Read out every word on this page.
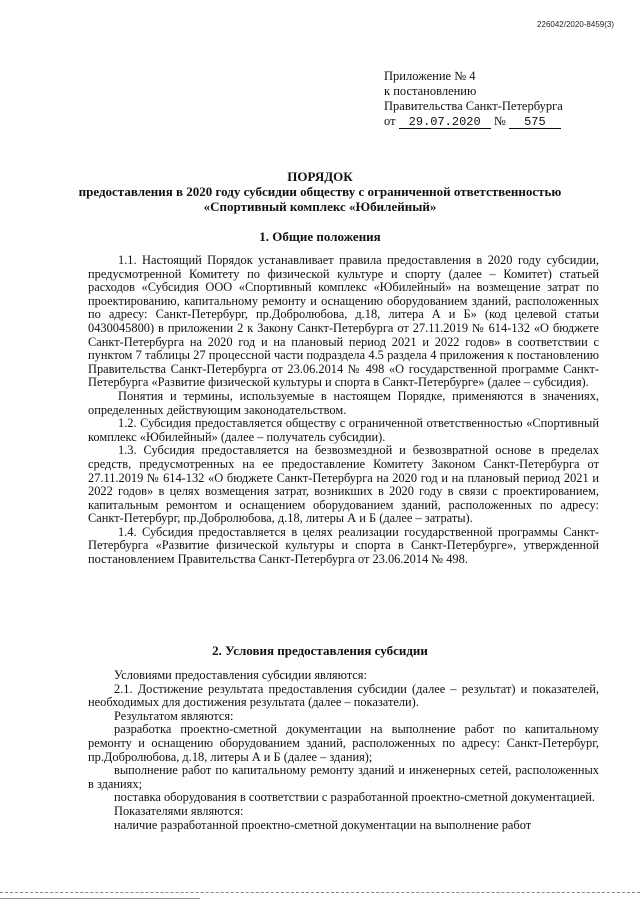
226042/2020-8459(3)
Приложение № 4
к постановлению
Правительства Санкт-Петербурга
от 29.07.2020 № 575
ПОРЯДОК
предоставления в 2020 году субсидии обществу с ограниченной ответственностью
«Спортивный комплекс «Юбилейный»
1. Общие положения

1.1. Настоящий Порядок устанавливает правила предоставления в 2020 году субсидии, предусмотренной Комитету по физической культуре и спорту (далее – Комитет) статьей расходов «Субсидия ООО «Спортивный комплекс «Юбилейный» на возмещение затрат по проектированию, капитальному ремонту и оснащению оборудованием зданий, расположенных по адресу: Санкт-Петербург, пр.Добролюбова, д.18, литера А и Б» (код целевой статьи 0430045800) в приложении 2 к Закону Санкт-Петербурга от 27.11.2019 № 614-132 «О бюджете Санкт-Петербурга на 2020 год и на плановый период 2021 и 2022 годов» в соответствии с пунктом 7 таблицы 27 процессной части подраздела 4.5 раздела 4 приложения к постановлению Правительства Санкт-Петербурга от 23.06.2014 № 498 «О государственной программе Санкт-Петербурга «Развитие физической культуры и спорта в Санкт-Петербурге» (далее – субсидия).

Понятия и термины, используемые в настоящем Порядке, применяются в значениях, определенных действующим законодательством.

1.2. Субсидия предоставляется обществу с ограниченной ответственностью «Спортивный комплекс «Юбилейный» (далее – получатель субсидии).

1.3. Субсидия предоставляется на безвозмездной и безвозвратной основе в пределах средств, предусмотренных на ее предоставление Комитету Законом Санкт-Петербурга от 27.11.2019 № 614-132 «О бюджете Санкт-Петербурга на 2020 год и на плановый период 2021 и 2022 годов» в целях возмещения затрат, возникших в 2020 году в связи с проектированием, капитальным ремонтом и оснащением оборудованием зданий, расположенных по адресу: Санкт-Петербург, пр.Добролюбова, д.18, литеры А и Б (далее – затраты).

1.4. Субсидия предоставляется в целях реализации государственной программы Санкт-Петербурга «Развитие физической культуры и спорта в Санкт-Петербурге», утвержденной постановлением Правительства Санкт-Петербурга от 23.06.2014 № 498.

2. Условия предоставления субсидии

Условиями предоставления субсидии являются:

2.1. Достижение результата предоставления субсидии (далее – результат) и показателей, необходимых для достижения результата (далее – показатели).

Результатом являются:

разработка проектно-сметной документации на выполнение работ по капитальному ремонту и оснащению оборудованием зданий, расположенных по адресу: Санкт-Петербург, пр.Добролюбова, д.18, литеры А и Б (далее – здания);

выполнение работ по капитальному ремонту зданий и инженерных сетей, расположенных в зданиях;

поставка оборудования в соответствии с разработанной проектно-сметной документацией.

Показателями являются:

наличие разработанной проектно-сметной документации на выполнение работ
